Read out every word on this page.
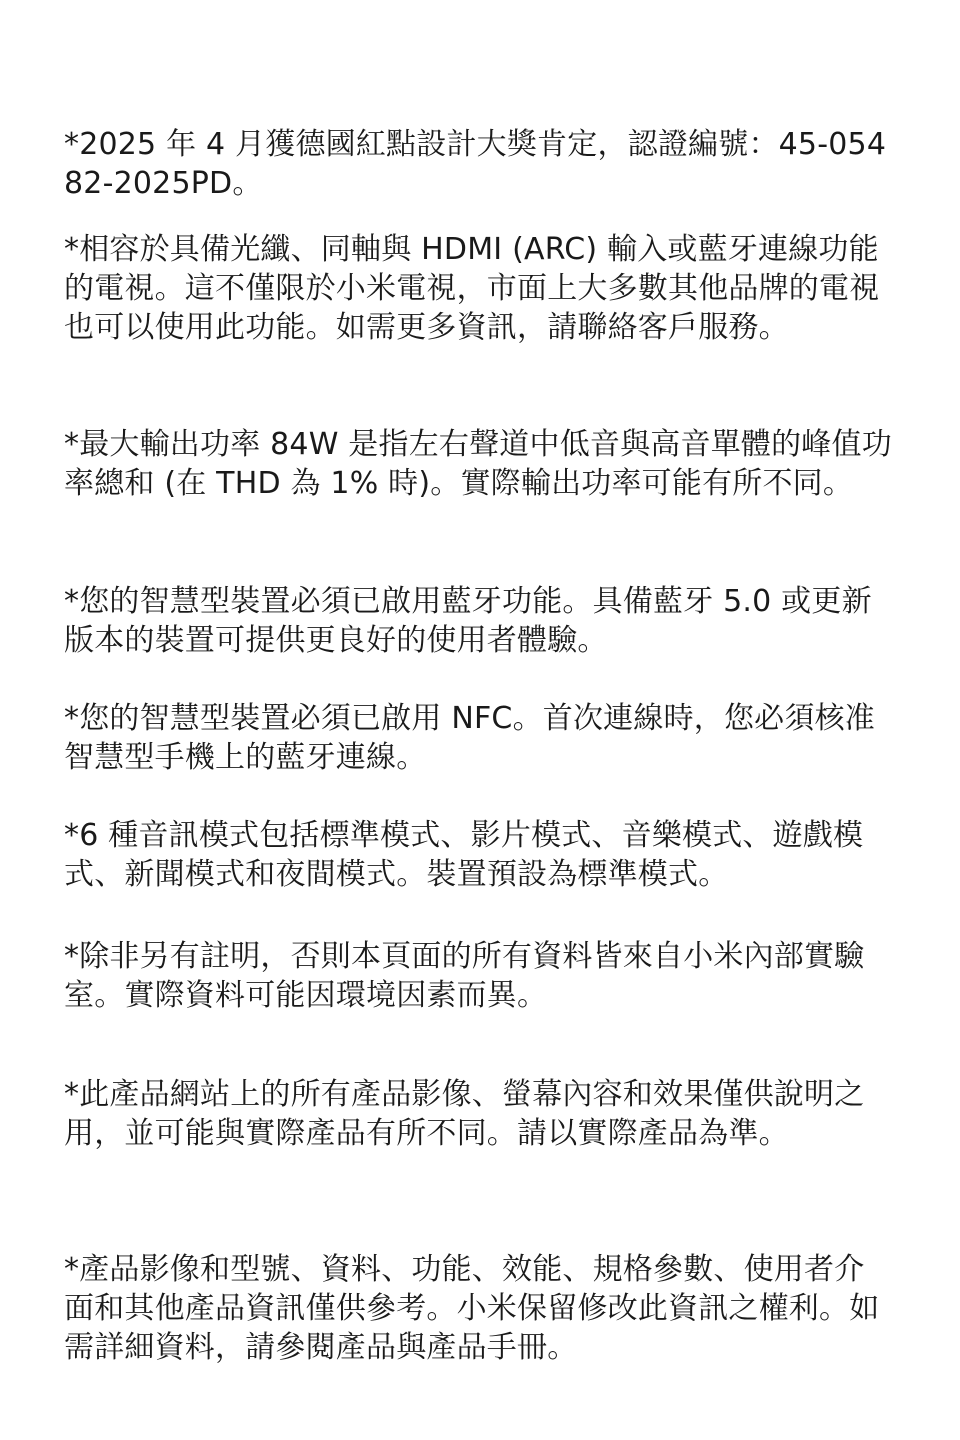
*2025 年 4 月獲德國紅點設計大獎肯定，認證編號：45-05482-2025PD。

*相容於具備光纖、同軸與 HDMI (ARC) 輸入或藍牙連線功能的電視。這不僅限於小米電視，市面上大多數其他品牌的電視也可以使用此功能。如需更多資訊，請聯絡客戶服務。

*最大輸出功率 84W 是指左右聲道中低音與高音單體的峰值功率總和 (在 THD 為 1% 時)。實際輸出功率可能有所不同。

*您的智慧型裝置必須已啟用藍牙功能。具備藍牙 5.0 或更新版本的裝置可提供更良好的使用者體驗。

*您的智慧型裝置必須已啟用 NFC。首次連線時，您必須核准智慧型手機上的藍牙連線。

*6 種音訊模式包括標準模式、影片模式、音樂模式、遊戲模式、新聞模式和夜間模式。裝置預設為標準模式。

*除非另有註明，否則本頁面的所有資料皆來自小米內部實驗室。實際資料可能因環境因素而異。

*此產品網站上的所有產品影像、螢幕內容和效果僅供說明之用，並可能與實際產品有所不同。請以實際產品為準。

*產品影像和型號、資料、功能、效能、規格參數、使用者介面和其他產品資訊僅供參考。小米保留修改此資訊之權利。如需詳細資料，請參閱產品與產品手冊。
